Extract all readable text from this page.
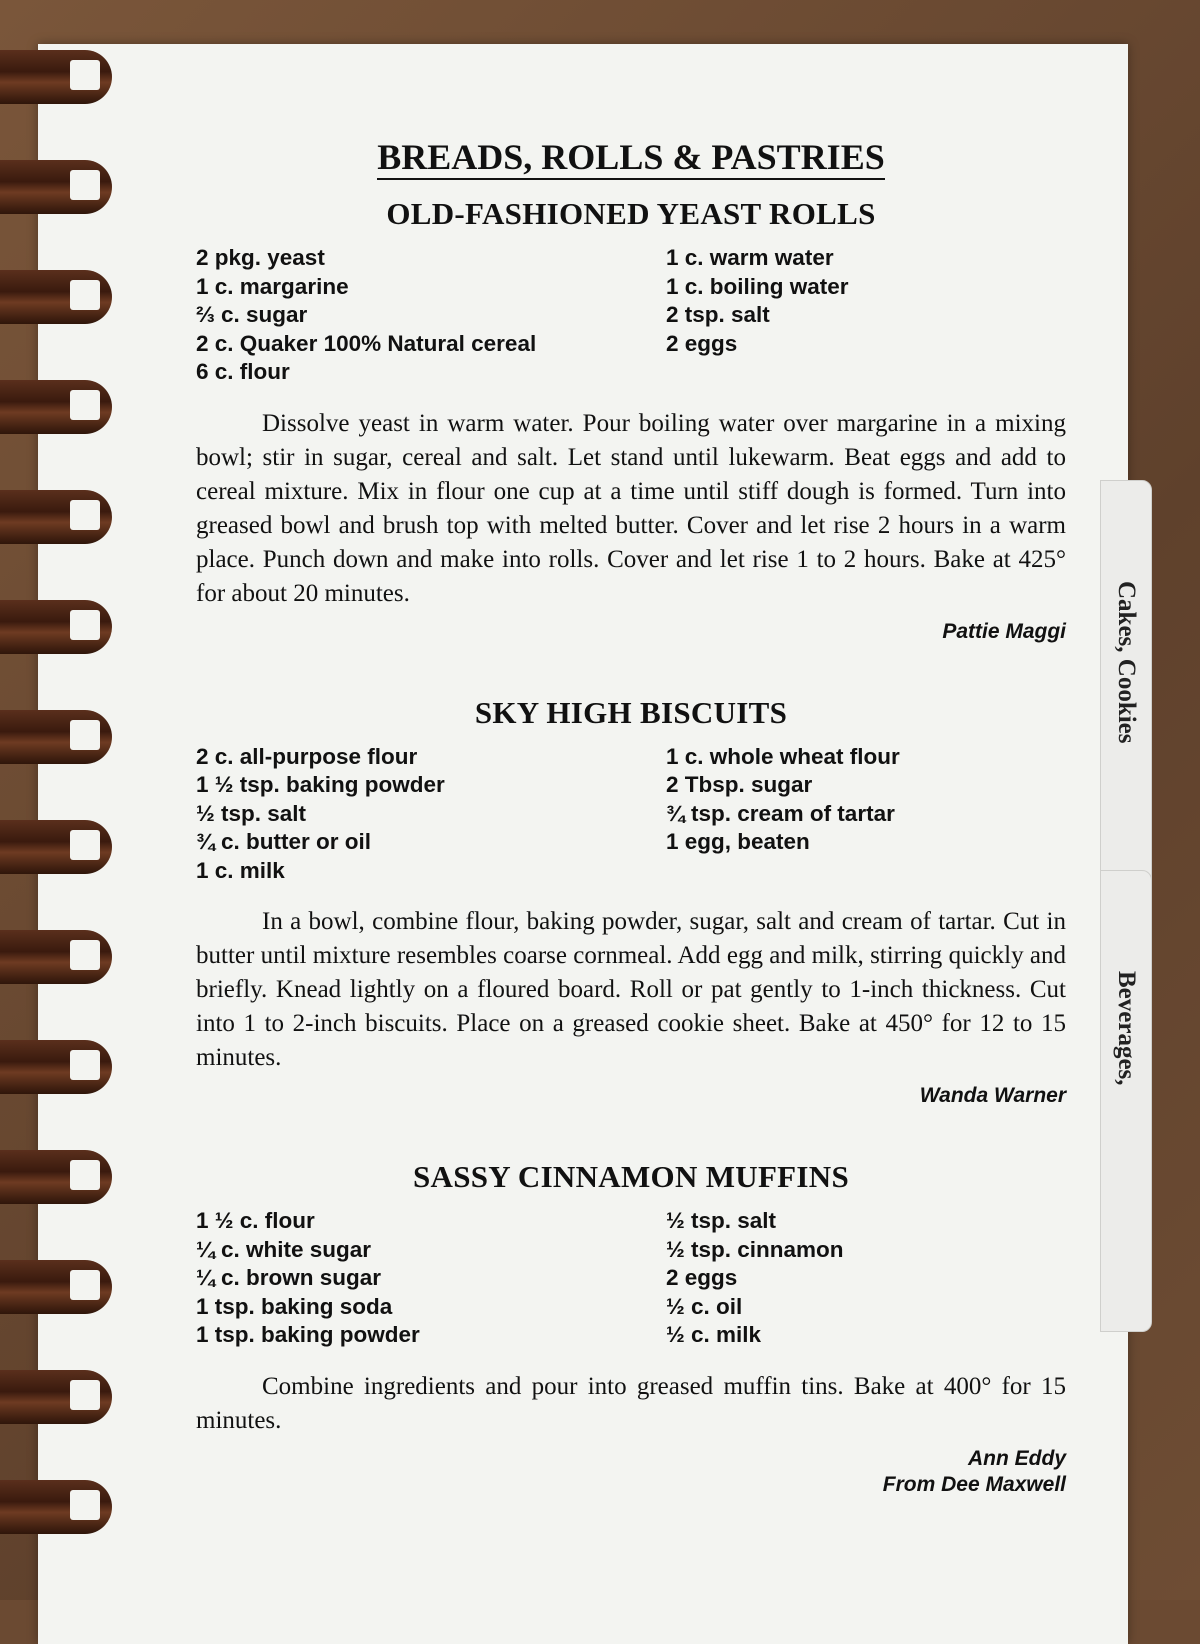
Cakes, Cookies
Beverages,
BREADS, ROLLS & PASTRIES
OLD-FASHIONED YEAST ROLLS
2 pkg. yeast
1 c. margarine
⅔ c. sugar
2 c. Quaker 100% Natural cereal
6 c. flour
1 c. warm water
1 c. boiling water
2 tsp. salt
2 eggs
Dissolve yeast in warm water. Pour boiling water over margarine in a mixing bowl; stir in sugar, cereal and salt. Let stand until lukewarm. Beat eggs and add to cereal mixture. Mix in flour one cup at a time until stiff dough is formed. Turn into greased bowl and brush top with melted butter. Cover and let rise 2 hours in a warm place. Punch down and make into rolls. Cover and let rise 1 to 2 hours. Bake at 425° for about 20 minutes.
Pattie Maggi
SKY HIGH BISCUITS
2 c. all-purpose flour
1 ½ tsp. baking powder
½ tsp. salt
¾ c. butter or oil
1 c. milk
1 c. whole wheat flour
2 Tbsp. sugar
¾ tsp. cream of tartar
1 egg, beaten
In a bowl, combine flour, baking powder, sugar, salt and cream of tartar. Cut in butter until mixture resembles coarse cornmeal. Add egg and milk, stirring quickly and briefly. Knead lightly on a floured board. Roll or pat gently to 1-inch thickness. Cut into 1 to 2-inch biscuits. Place on a greased cookie sheet. Bake at 450° for 12 to 15 minutes.
Wanda Warner
SASSY CINNAMON MUFFINS
1 ½ c. flour
¼ c. white sugar
¼ c. brown sugar
1 tsp. baking soda
1 tsp. baking powder
½ tsp. salt
½ tsp. cinnamon
2 eggs
½ c. oil
½ c. milk
Combine ingredients and pour into greased muffin tins. Bake at 400° for 15 minutes.
Ann Eddy
From Dee Maxwell
